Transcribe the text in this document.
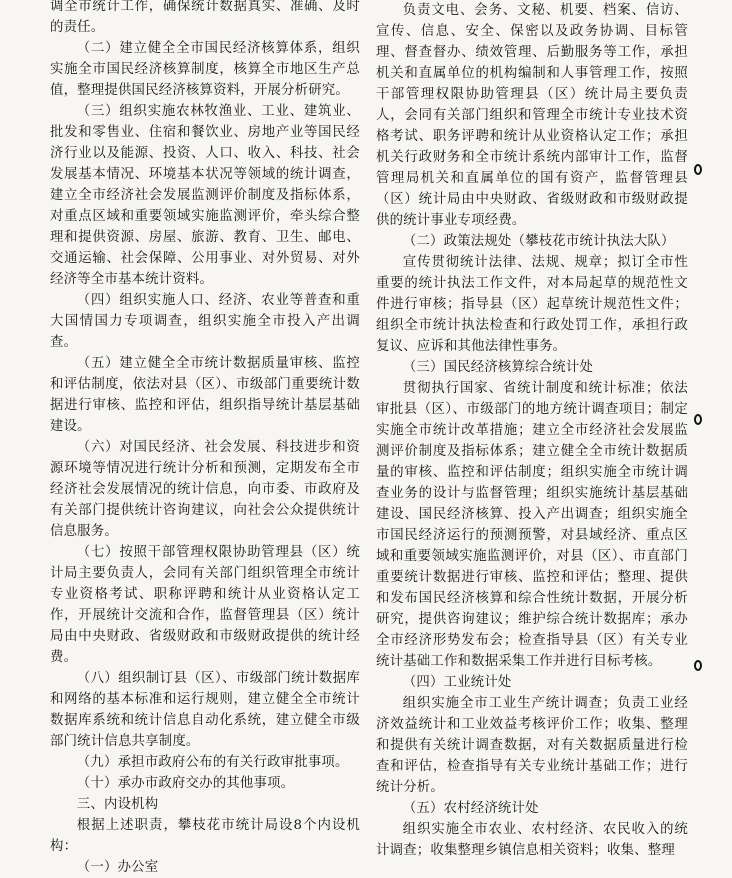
调全市统计工作，确保统计数据真实、准确、及时的责任。

（二）建立健全全市国民经济核算体系，组织实施全市国民经济核算制度，核算全市地区生产总值，整理提供国民经济核算资料，开展分析研究。

（三）组织实施农林牧渔业、工业、建筑业、批发和零售业、住宿和餐饮业、房地产业等国民经济行业以及能源、投资、人口、收入、科技、社会发展基本情况、环境基本状况等领域的统计调查，建立全市经济社会发展监测评价制度及指标体系，对重点区域和重要领域实施监测评价，牵头综合整理和提供资源、房屋、旅游、教育、卫生、邮电、交通运输、社会保障、公用事业、对外贸易、对外经济等全市基本统计资料。

（四）组织实施人口、经济、农业等普查和重大国情国力专项调查，组织实施全市投入产出调查。

（五）建立健全全市统计数据质量审核、监控和评估制度，依法对县（区）、市级部门重要统计数据进行审核、监控和评估，组织指导统计基层基础建设。

（六）对国民经济、社会发展、科技进步和资源环境等情况进行统计分析和预测，定期发布全市经济社会发展情况的统计信息，向市委、市政府及有关部门提供统计咨询建议，向社会公众提供统计信息服务。

（七）按照干部管理权限协助管理县（区）统计局主要负责人，会同有关部门组织管理全市统计专业资格考试、职称评聘和统计从业资格认定工作，开展统计交流和合作，监督管理县（区）统计局由中央财政、省级财政和市级财政提供的统计经费。

（八）组织制订县（区）、市级部门统计数据库和网络的基本标准和运行规则，建立健全全市统计数据库系统和统计信息自动化系统，建立健全市级部门统计信息共享制度。

（九）承担市政府公布的有关行政审批事项。

（十）承办市政府交办的其他事项。

三、内设机构

根据上述职责，攀枝花市统计局设8个内设机构：

（一）办公室

负责文电、会务、文秘、机要、档案、信访、宣传、信息、安全、保密以及政务协调、目标管理、督查督办、绩效管理、后勤服务等工作，承担机关和直属单位的机构编制和人事管理工作，按照干部管理权限协助管理县（区）统计局主要负责人，会同有关部门组织和管理全市统计专业技术资格考试、职务评聘和统计从业资格认定工作；承担机关行政财务和全市统计系统内部审计工作，监督管理局机关和直属单位的国有资产，监督管理县（区）统计局由中央财政、省级财政和市级财政提供的统计事业专项经费。

（二）政策法规处（攀枝花市统计执法大队）

宣传贯彻统计法律、法规、规章；拟订全市性重要的统计执法工作文件，对本局起草的规范性文件进行审核；指导县（区）起草统计规范性文件；组织全市统计执法检查和行政处罚工作，承担行政复议、应诉和其他法律性事务。

（三）国民经济核算综合统计处

贯彻执行国家、省统计制度和统计标准；依法审批县（区）、市级部门的地方统计调查项目；制定实施全市统计改革措施；建立全市经济社会发展监测评价制度及指标体系；建立健全全市统计数据质量的审核、监控和评估制度；组织实施全市统计调查业务的设计与监督管理；组织实施统计基层基础建设、国民经济核算、投入产出调查；组织实施全市国民经济运行的预测预警，对县域经济、重点区域和重要领域实施监测评价，对县（区）、市直部门重要统计数据进行审核、监控和评估；整理、提供和发布国民经济核算和综合性统计数据，开展分析研究，提供咨询建议；维护综合统计数据库；承办全市经济形势发布会；检查指导县（区）有关专业统计基础工作和数据采集工作并进行目标考核。

（四）工业统计处

组织实施全市工业生产统计调查；负责工业经济效益统计和工业效益考核评价工作；收集、整理和提供有关统计调查数据，对有关数据质量进行检查和评估，检查指导有关专业统计基础工作；进行统计分析。

（五）农村经济统计处

组织实施全市农业、农村经济、农民收入的统计调查；收集整理乡镇信息相关资料；收集、整理
